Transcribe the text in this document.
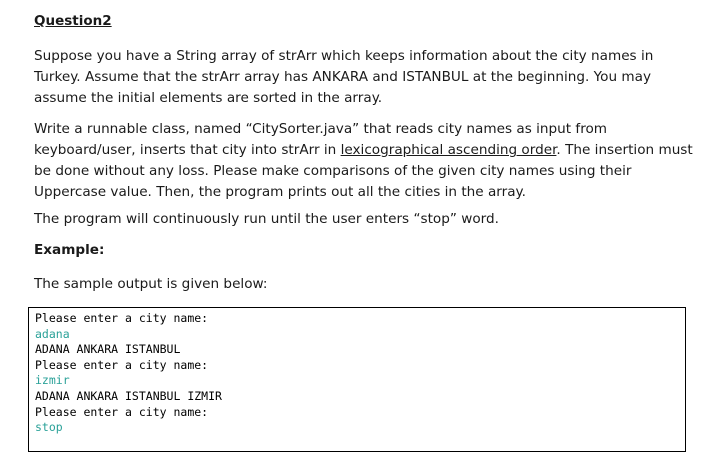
Question2

Suppose you have a String array of strArr which keeps information about the city names in Turkey. Assume that the strArr array has ANKARA and ISTANBUL at the beginning. You may assume the initial elements are sorted in the array.

Write a runnable class, named “CitySorter.java” that reads city names as input from keyboard/user, inserts that city into strArr in lexicographical ascending order. The insertion must be done without any loss. Please make comparisons of the given city names using their Uppercase value. Then, the program prints out all the cities in the array.

The program will continuously run until the user enters “stop” word.

Example:

The sample output is given below:

Please enter a city name:
adana
ADANA ANKARA ISTANBUL
Please enter a city name:
izmir
ADANA ANKARA ISTANBUL IZMIR
Please enter a city name:
stop
